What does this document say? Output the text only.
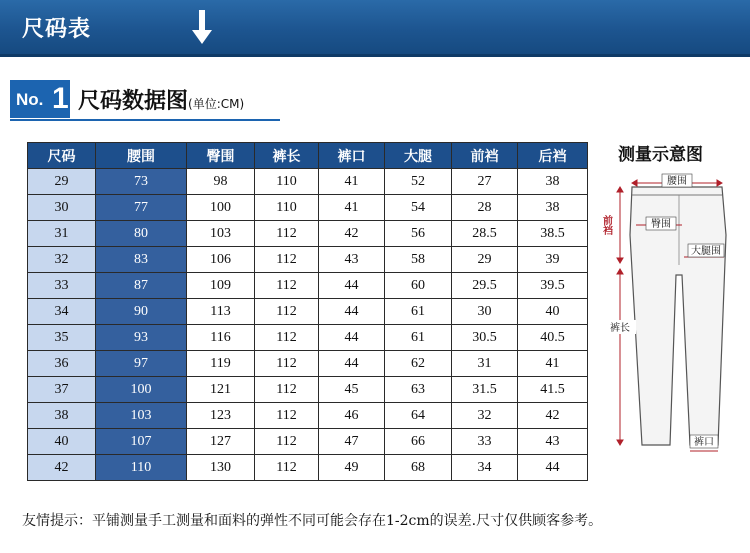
尺码表
No. 1 尺码数据图(单位:CM)
尺码	腰围	臀围	裤长	裤口	大腿	前裆	后裆
29	73	98	110	41	52	27	38
30	77	100	110	41	54	28	38
31	80	103	112	42	56	28.5	38.5
32	83	106	112	43	58	29	39
33	87	109	112	44	60	29.5	39.5
34	90	113	112	44	61	30	40
35	93	116	112	44	61	30.5	40.5
36	97	119	112	44	62	31	41
37	100	121	112	45	63	31.5	41.5
38	103	123	112	46	64	32	42
40	107	127	112	47	66	33	43
42	110	130	112	49	68	34	44
测量示意图
腰围
臀围
前裆
大腿围
裤长
裤口
友情提示：平铺测量手工测量和面料的弹性不同可能会存在1-2cm的误差.尺寸仅供顾客参考。
